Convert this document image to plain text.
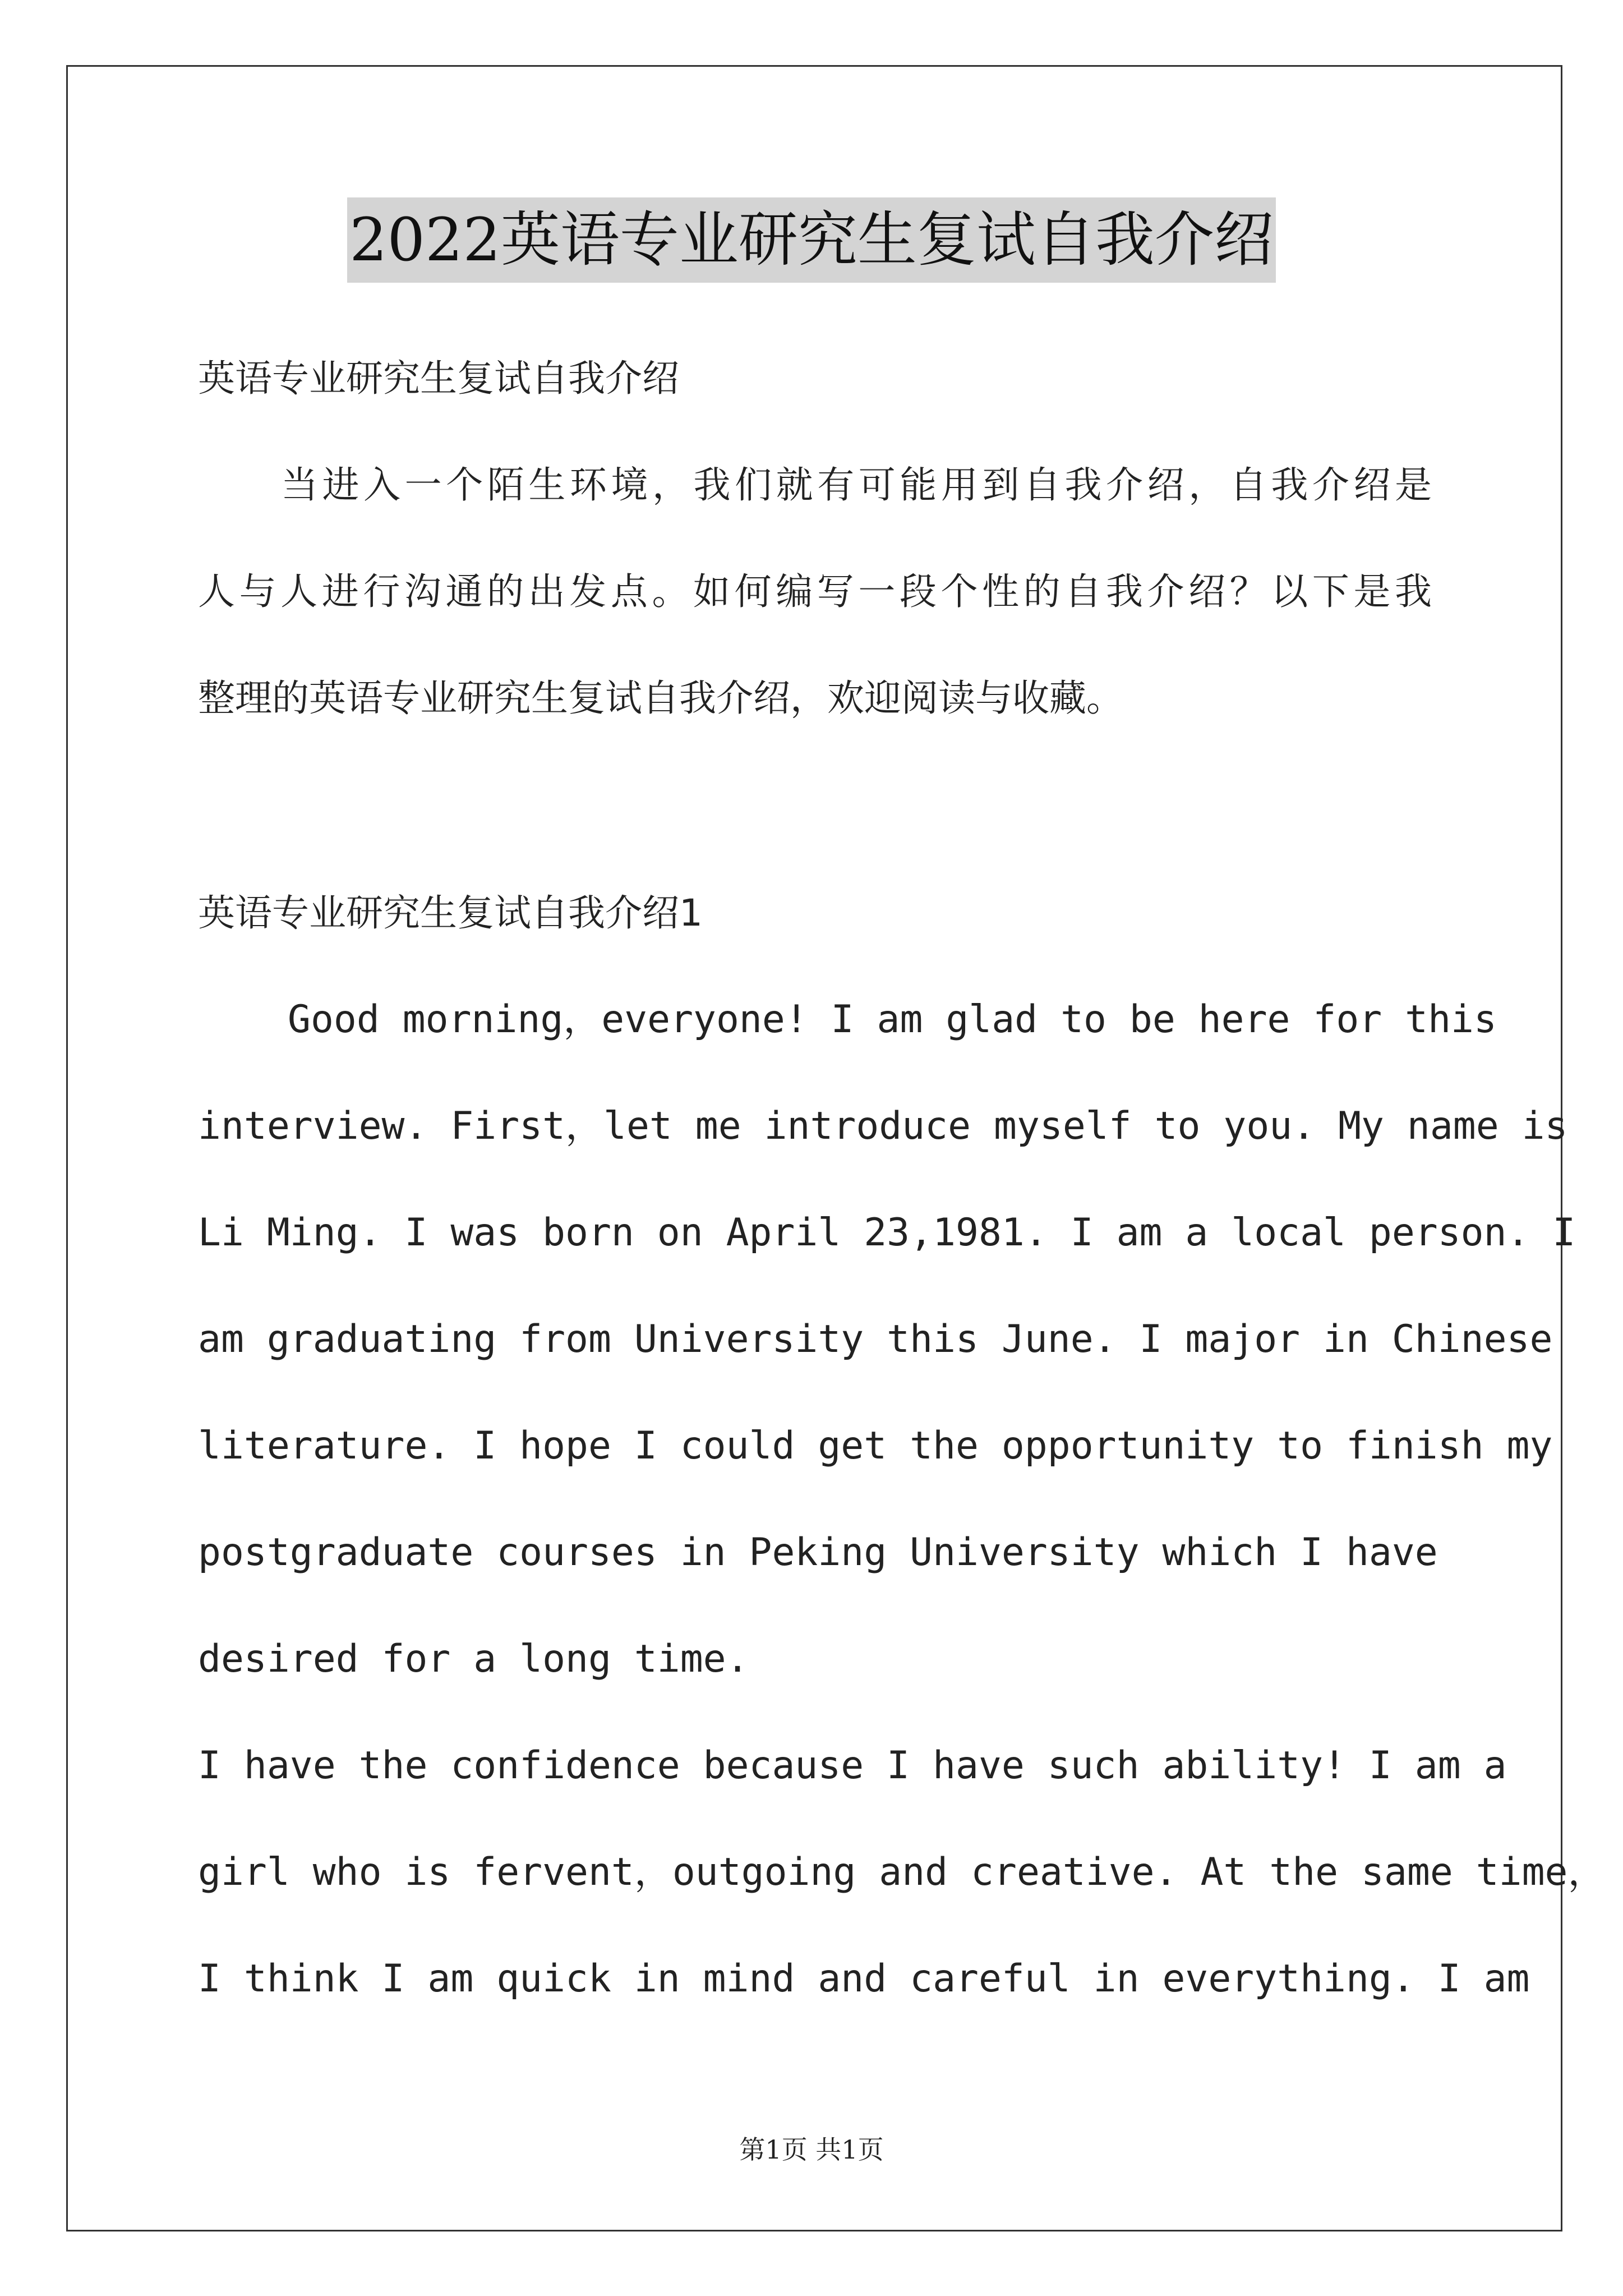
2022英语专业研究生复试自我介绍
英语专业研究生复试自我介绍
当进入一个陌生环境，我们就有可能用到自我介绍，自我介绍是
人与人进行沟通的出发点。如何编写一段个性的自我介绍？以下是我
整理的英语专业研究生复试自我介绍，欢迎阅读与收藏。
英语专业研究生复试自我介绍1
Good morning，everyone! I am glad to be here for this
interview. First，let me introduce myself to you. My name is
Li Ming. I was born on April 23,1981. I am a local person. I
am graduating from University this June. I major in Chinese
literature. I hope I could get the opportunity to finish my
postgraduate courses in Peking University which I have
desired for a long time.
I have the confidence because I have such ability! I am a
girl who is fervent，outgoing and creative. At the same time，
I think I am quick in mind and careful in everything. I am
第1页 共1页
